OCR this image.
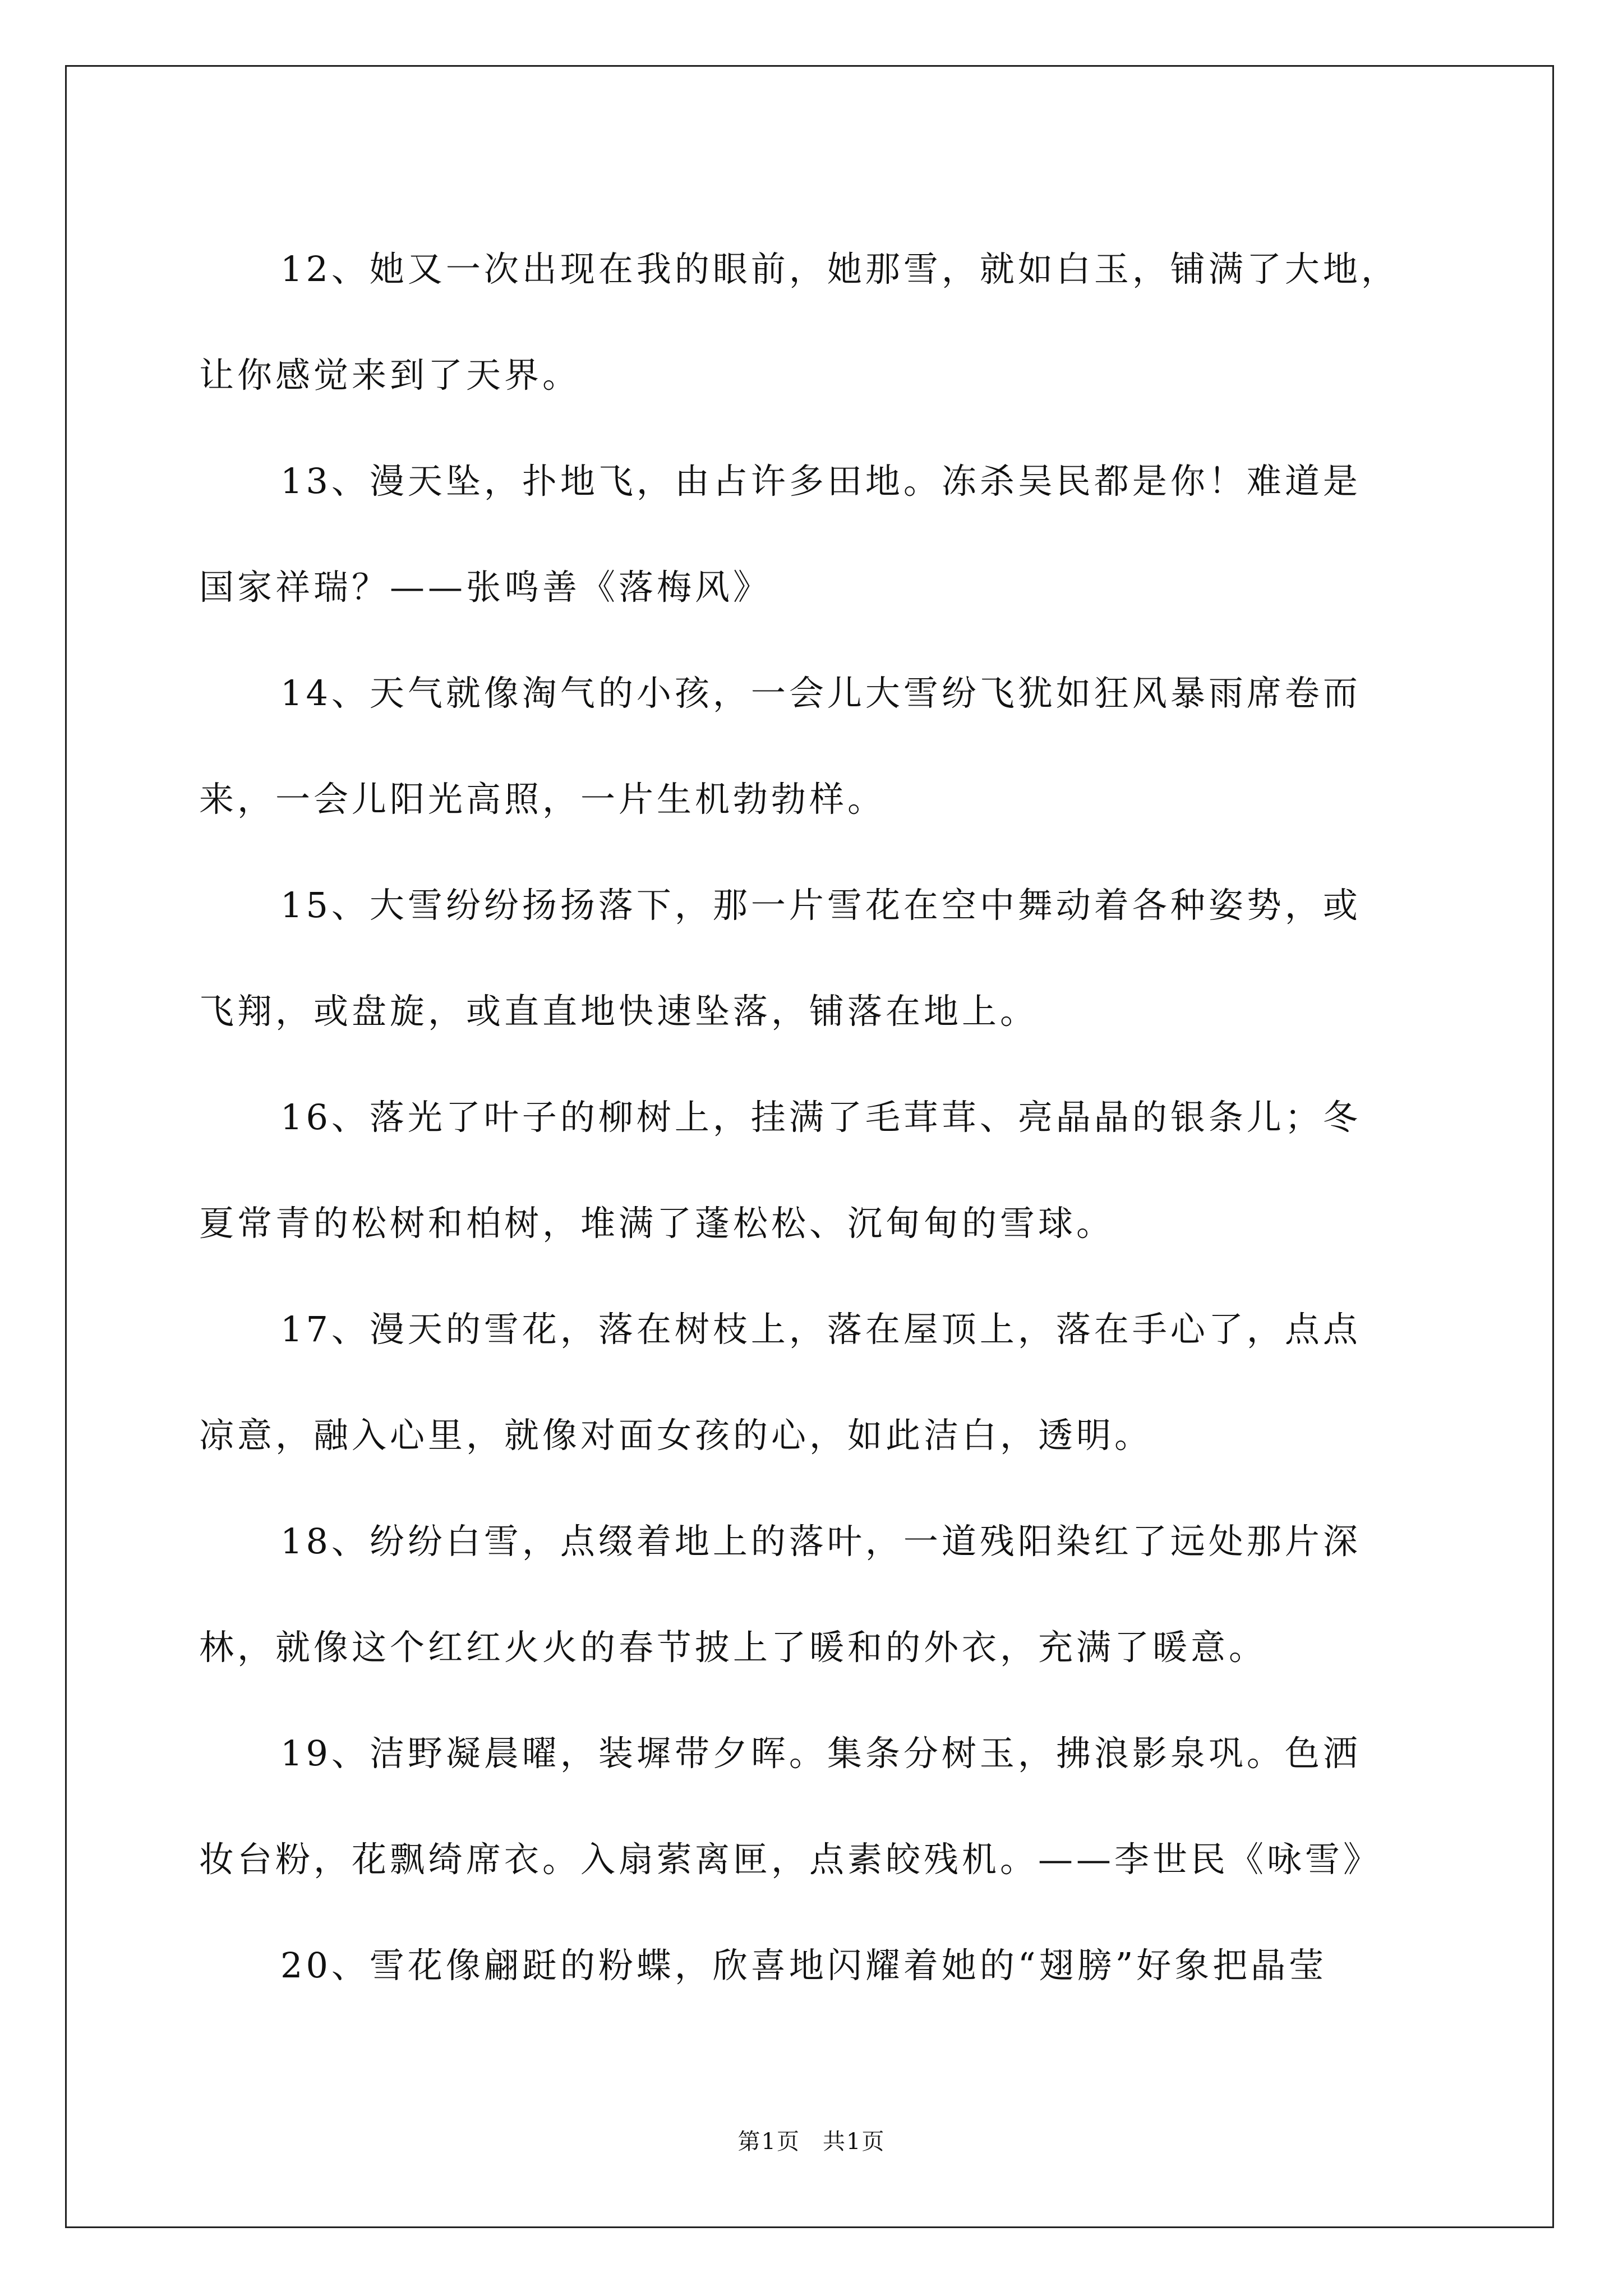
12、她又一次出现在我的眼前，她那雪，就如白玉，铺满了大地，
让你感觉来到了天界。

13、漫天坠，扑地飞，由占许多田地。冻杀吴民都是你！难道是
国家祥瑞？——张鸣善《落梅风》

14、天气就像淘气的小孩，一会儿大雪纷飞犹如狂风暴雨席卷而
来，一会儿阳光高照，一片生机勃勃样。

15、大雪纷纷扬扬落下，那一片雪花在空中舞动着各种姿势，或
飞翔，或盘旋，或直直地快速坠落，铺落在地上。

16、落光了叶子的柳树上，挂满了毛茸茸、亮晶晶的银条儿；冬
夏常青的松树和柏树，堆满了蓬松松、沉甸甸的雪球。

17、漫天的雪花，落在树枝上，落在屋顶上，落在手心了，点点
凉意，融入心里，就像对面女孩的心，如此洁白，透明。

18、纷纷白雪，点缀着地上的落叶，一道残阳染红了远处那片深
林，就像这个红红火火的春节披上了暖和的外衣，充满了暖意。

19、洁野凝晨曜，装墀带夕晖。集条分树玉，拂浪影泉巩。色洒
妆台粉，花飘绮席衣。入扇萦离匣，点素皎残机。——李世民《咏雪》

20、雪花像翩跹的粉蝶，欣喜地闪耀着她的“翅膀”好象把晶莹

第1页 共1页
